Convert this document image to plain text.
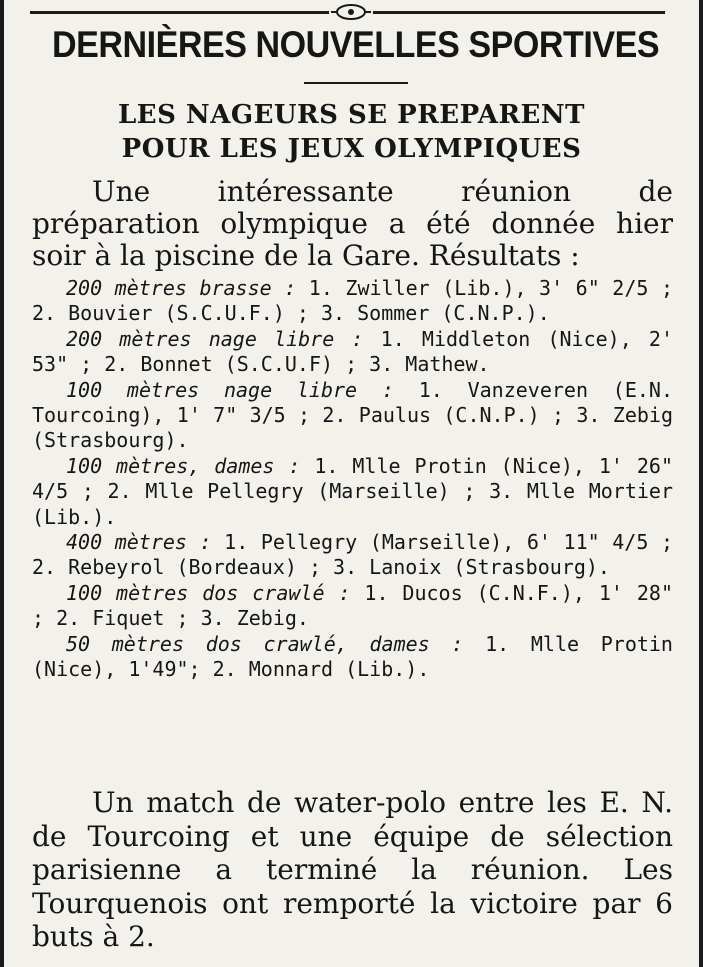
DERNIÈRES NOUVELLES SPORTIVES
LES NAGEURS SE PREPARENT
POUR LES JEUX OLYMPIQUES
Une intéressante réunion de préparation olympique a été donnée hier soir à la piscine de la Gare. Résultats :

200 mètres brasse : 1. Zwiller (Lib.), 3' 6" 2/5 ; 2. Bouvier (S.C.U.F.) ; 3. Sommer (C.N.P.).

200 mètres nage libre : 1. Middleton (Nice), 2' 53" ; 2. Bonnet (S.C.U.F) ; 3. Mathew.

100 mètres nage libre : 1. Vanzeveren (E.N. Tourcoing), 1' 7" 3/5 ; 2. Paulus (C.N.P.) ; 3. Zebig (Strasbourg).

100 mètres, dames : 1. Mlle Protin (Nice), 1' 26" 4/5 ; 2. Mlle Pellegry (Marseille) ; 3. Mlle Mortier (Lib.).

400 mètres : 1. Pellegry (Marseille), 6' 11" 4/5 ; 2. Rebeyrol (Bordeaux) ; 3. Lanoix (Strasbourg).

100 mètres dos crawlé : 1. Ducos (C.N.F.), 1' 28" ; 2. Fiquet ; 3. Zebig.

50 mètres dos crawlé, dames : 1. Mlle Protin (Nice), 1'49"; 2. Monnard (Lib.).

Un match de water-polo entre les E. N. de Tourcoing et une équipe de sélection parisienne a terminé la réunion. Les Tourquenois ont remporté la victoire par 6 buts à 2.
